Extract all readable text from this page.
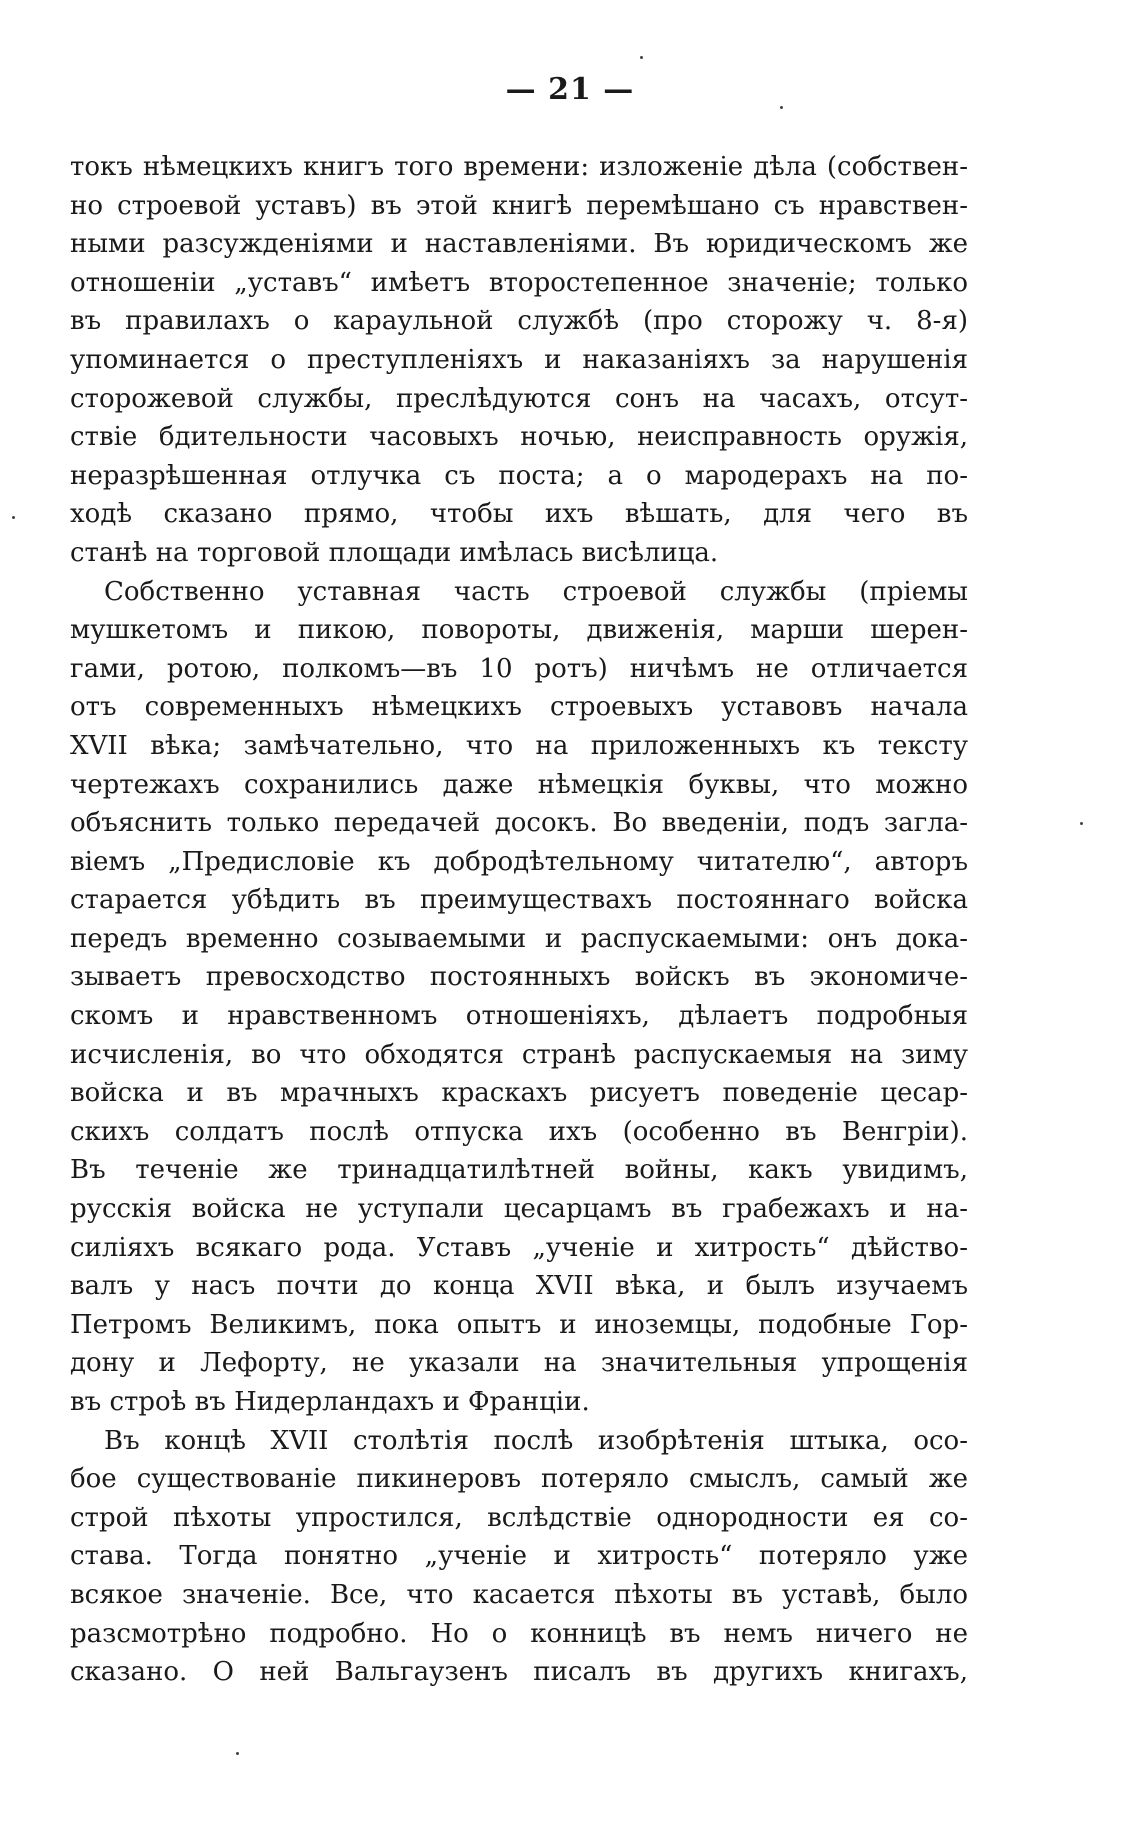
— 21 —
токъ нѣмецкихъ книгъ того времени: изложеніе дѣла (собствен-
но строевой уставъ) въ этой книгѣ перемѣшано съ нравствен-
ными разсужденіями и наставленіями. Въ юридическомъ же
отношеніи „уставъ“ имѣетъ второстепенное значеніе; только
въ правилахъ о караульной службѣ (про сторожу ч. 8-я)
упоминается о преступленіяхъ и наказаніяхъ за нарушенія
сторожевой службы, преслѣдуются сонъ на часахъ, отсут-
ствіе бдительности часовыхъ ночью, неисправность оружія,
неразрѣшенная отлучка съ поста; а о мародерахъ на по-
ходѣ сказано прямо, чтобы ихъ вѣшать, для чего въ
станѣ на торговой площади имѣлась висѣлица.
Собственно уставная часть строевой службы (пріемы
мушкетомъ и пикою, повороты, движенія, марши шерен-
гами, ротою, полкомъ—въ 10 ротъ) ничѣмъ не отличается
отъ современныхъ нѣмецкихъ строевыхъ уставовъ начала
XVII вѣка; замѣчательно, что на приложенныхъ къ тексту
чертежахъ сохранились даже нѣмецкія буквы, что можно
объяснить только передачей досокъ. Во введеніи, подъ загла-
віемъ „Предисловіе къ добродѣтельному читателю“, авторъ
старается убѣдить въ преимуществахъ постояннаго войска
передъ временно созываемыми и распускаемыми: онъ дока-
зываетъ превосходство постоянныхъ войскъ въ экономиче-
скомъ и нравственномъ отношеніяхъ, дѣлаетъ подробныя
исчисленія, во что обходятся странѣ распускаемыя на зиму
войска и въ мрачныхъ краскахъ рисуетъ поведеніе цесар-
скихъ солдатъ послѣ отпуска ихъ (особенно въ Венгріи).
Въ теченіе же тринадцатилѣтней войны, какъ увидимъ,
русскія войска не уступали цесарцамъ въ грабежахъ и на-
силіяхъ всякаго рода. Уставъ „ученіе и хитрость“ дѣйство-
валъ у насъ почти до конца XVII вѣка, и былъ изучаемъ
Петромъ Великимъ, пока опытъ и иноземцы, подобные Гор-
дону и Лефорту, не указали на значительныя упрощенія
въ строѣ въ Нидерландахъ и Франціи.
Въ концѣ XVII столѣтія послѣ изобрѣтенія штыка, осо-
бое существованіе пикинеровъ потеряло смыслъ, самый же
строй пѣхоты упростился, вслѣдствіе однородности ея со-
става. Тогда понятно „ученіе и хитрость“ потеряло уже
всякое значеніе. Все, что касается пѣхоты въ уставѣ, было
разсмотрѣно подробно. Но о конницѣ въ немъ ничего не
сказано. О ней Вальгаузенъ писалъ въ другихъ книгахъ,
